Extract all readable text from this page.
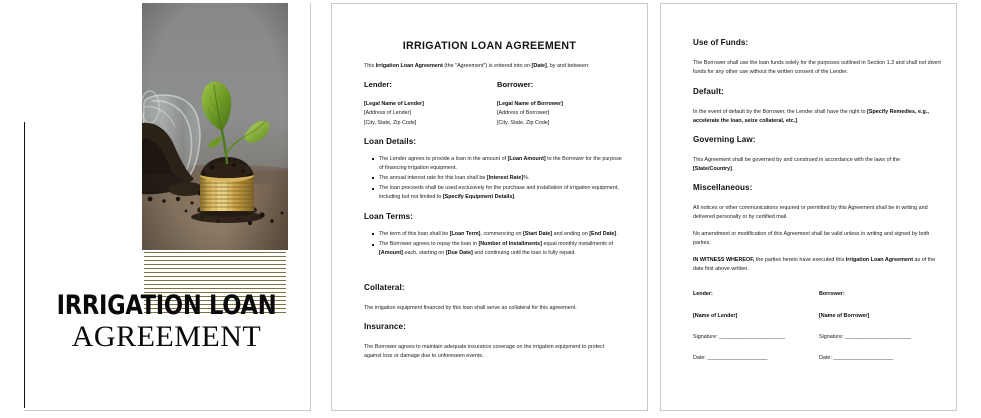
IRRIGATION LOAN
AGREEMENT
IRRIGATION LOAN AGREEMENT

This Irrigation Loan Agreement (the "Agreement") is entered into on [Date], by and between:

Lender:	Borrower:

[Legal Name of Lender]

[Address of Lender]

[City, State, Zip Code]

[Legal Name of Borrower]

[Address of Borrower]

[City, State, Zip Code]

Loan Details:
The Lender agrees to provide a loan in the amount of [Loan Amount] to the Borrower for the purpose of financing irrigation equipment.
The annual interest rate for this loan shall be [Interest Rate]%.
The loan proceeds shall be used exclusively for the purchase and installation of irrigation equipment, including but not limited to [Specify Equipment Details].
Loan Terms:
The term of this loan shall be [Loan Term], commencing on [Start Date] and ending on [End Date].
The Borrower agrees to repay the loan in [Number of Installments] equal monthly installments of [Amount] each, starting on [Due Date] and continuing until the loan is fully repaid.
Collateral:

The irrigation equipment financed by this loan shall serve as collateral for this agreement.

Insurance:

The Borrower agrees to maintain adequate insurance coverage on the irrigation equipment to protect against loss or damage due to unforeseen events.

Use of Funds:

The Borrower shall use the loan funds solely for the purposes outlined in Section 1.3 and shall not divert funds for any other use without the written consent of the Lender.

Default:

In the event of default by the Borrower, the Lender shall have the right to [Specify Remedies, e.g., accelerate the loan, seize collateral, etc.].

Governing Law:

This Agreement shall be governed by and construed in accordance with the laws of the [State/Country].

Miscellaneous:

All notices or other communications required or permitted by this Agreement shall be in writing and delivered personally or by certified mail.

No amendment or modification of this Agreement shall be valid unless in writing and signed by both parties.

IN WITNESS WHEREOF, the parties hereto have executed this Irrigation Loan Agreement as of the date first above written.

Lender:

[Name of Lender]

Signature: ______________________

Date: ____________________

Borrower:

[Name of Borrower]

Signature: ______________________

Date: ____________________
